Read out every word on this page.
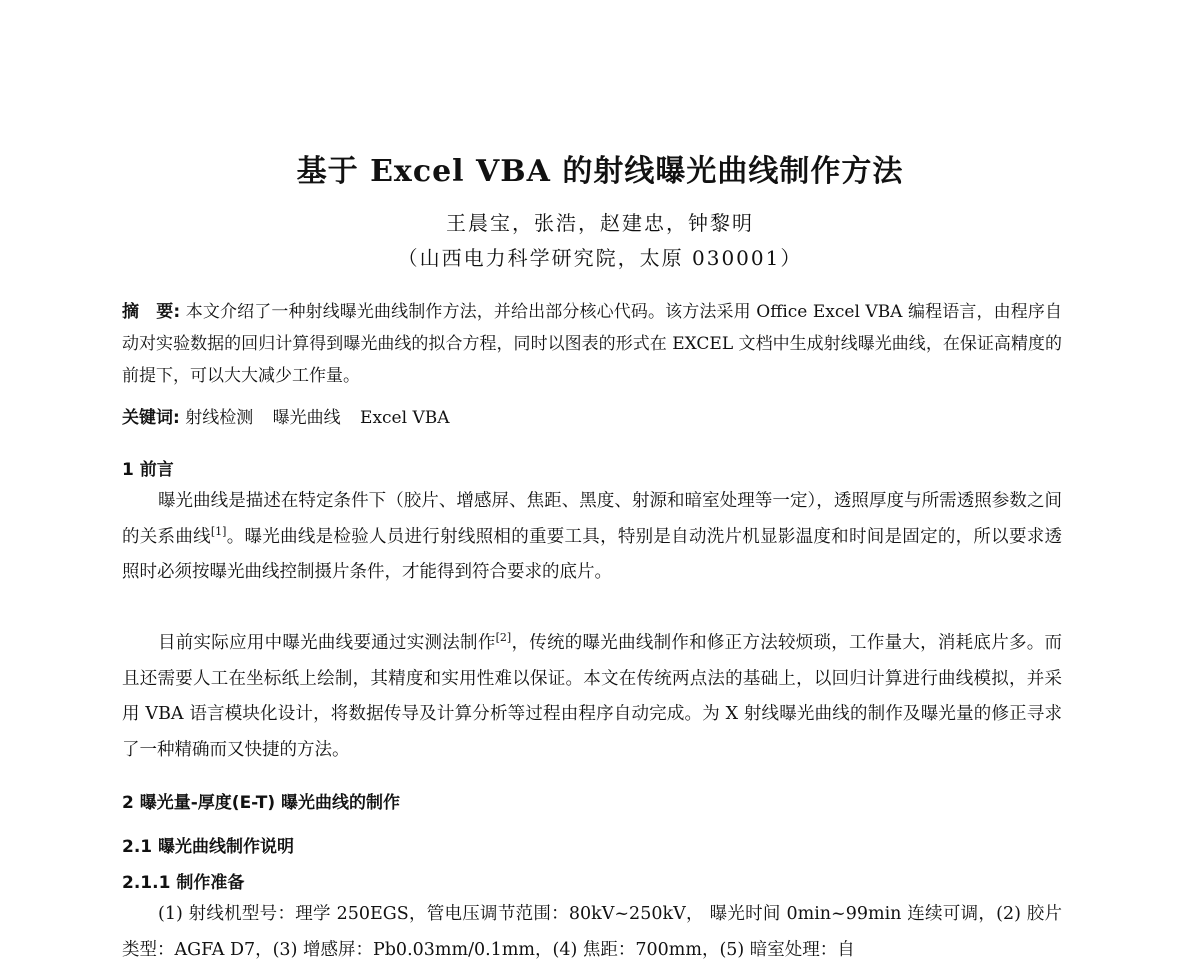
基于 Excel VBA 的射线曝光曲线制作方法
王晨宝，张浩，赵建忠，钟黎明
（山西电力科学研究院，太原 030001）
摘　要: 本文介绍了一种射线曝光曲线制作方法，并给出部分核心代码。该方法采用 Office Excel VBA 编程语言，由程序自动对实验数据的回归计算得到曝光曲线的拟合方程，同时以图表的形式在 EXCEL 文档中生成射线曝光曲线，在保证高精度的前提下，可以大大减少工作量。
关键词: 射线检测 曝光曲线 Excel VBA
1 前言

曝光曲线是描述在特定条件下（胶片、增感屏、焦距、黑度、射源和暗室处理等一定），透照厚度与所需透照参数之间的关系曲线[1]。曝光曲线是检验人员进行射线照相的重要工具，特别是自动洗片机显影温度和时间是固定的，所以要求透照时必须按曝光曲线控制摄片条件，才能得到符合要求的底片。

目前实际应用中曝光曲线要通过实测法制作[2]，传统的曝光曲线制作和修正方法较烦琐，工作量大，消耗底片多。而且还需要人工在坐标纸上绘制，其精度和实用性难以保证。本文在传统两点法的基础上，以回归计算进行曲线模拟，并采用 VBA 语言模块化设计，将数据传导及计算分析等过程由程序自动完成。为 X 射线曝光曲线的制作及曝光量的修正寻求了一种精确而又快捷的方法。

2 曝光量-厚度(E-T) 曝光曲线的制作
2.1 曝光曲线制作说明
2.1.1 制作准备

(1) 射线机型号：理学 250EGS，管电压调节范围：80kV~250kV， 曝光时间 0min~99min 连续可调，(2) 胶片类型：AGFA D7，(3) 增感屏：Pb0.03mm/0.1mm，(4) 焦距：700mm，(5) 暗室处理：自
